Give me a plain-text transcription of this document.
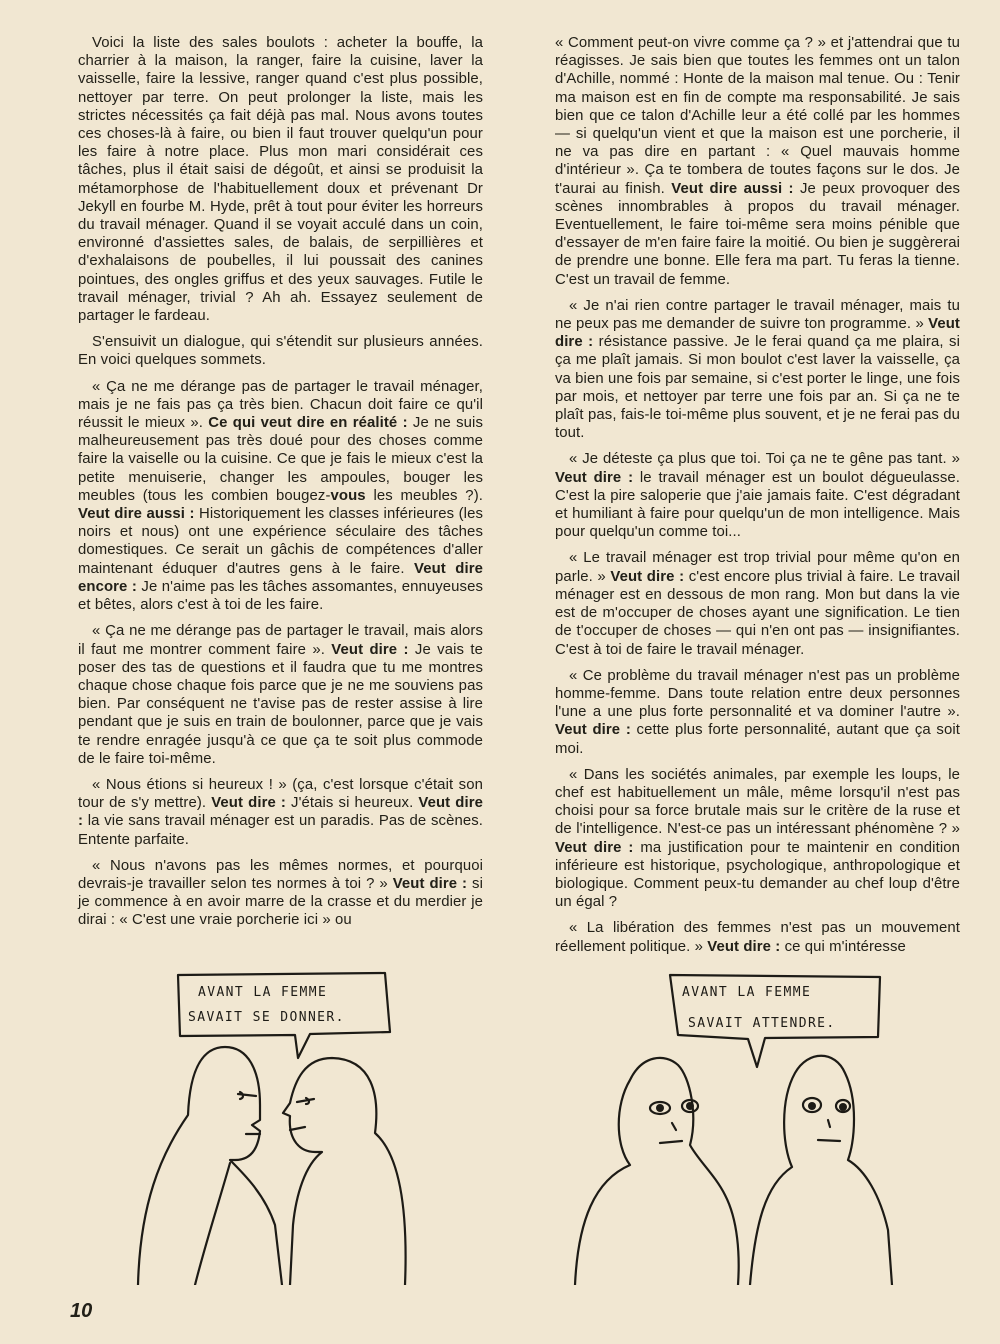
Voici la liste des sales boulots : acheter la bouffe, la charrier à la maison, la ranger, faire la cuisine, laver la vaisselle, faire la lessive, ranger quand c'est plus possible, nettoyer par terre. On peut prolonger la liste, mais les strictes nécessités ça fait déjà pas mal. Nous avons toutes ces choses-là à faire, ou bien il faut trouver quelqu'un pour les faire à notre place. Plus mon mari considérait ces tâches, plus il était saisi de dégoût, et ainsi se produisit la métamorphose de l'habituellement doux et prévenant Dr Jekyll en fourbe M. Hyde, prêt à tout pour éviter les horreurs du travail ménager. Quand il se voyait acculé dans un coin, environné d'assiettes sales, de balais, de serpillières et d'exhalaisons de poubelles, il lui poussait des canines pointues, des ongles griffus et des yeux sauvages. Futile le travail ménager, trivial ? Ah ah. Essayez seulement de partager le fardeau.

S'ensuivit un dialogue, qui s'étendit sur plusieurs années. En voici quelques sommets.

« Ça ne me dérange pas de partager le travail ménager, mais je ne fais pas ça très bien. Chacun doit faire ce qu'il réussit le mieux ». Ce qui veut dire en réalité : Je ne suis malheureusement pas très doué pour des choses comme faire la vaiselle ou la cuisine. Ce que je fais le mieux c'est la petite menuiserie, changer les ampoules, bouger les meubles (tous les combien bougez-vous les meubles ?). Veut dire aussi : Historiquement les classes inférieures (les noirs et nous) ont une expérience séculaire des tâches domestiques. Ce serait un gâchis de compétences d'aller maintenant éduquer d'autres gens à le faire. Veut dire encore : Je n'aime pas les tâches assomantes, ennuyeuses et bêtes, alors c'est à toi de les faire.

« Ça ne me dérange pas de partager le travail, mais alors il faut me montrer comment faire ». Veut dire : Je vais te poser des tas de questions et il faudra que tu me montres chaque chose chaque fois parce que je ne me souviens pas bien. Par conséquent ne t'avise pas de rester assise à lire pendant que je suis en train de boulonner, parce que je vais te rendre enragée jusqu'à ce que ça te soit plus commode de le faire toi-même.

« Nous étions si heureux ! » (ça, c'est lorsque c'était son tour de s'y mettre). Veut dire : J'étais si heureux. Veut dire : la vie sans travail ménager est un paradis. Pas de scènes. Entente parfaite.

« Nous n'avons pas les mêmes normes, et pourquoi devrais-je travailler selon tes normes à toi ? » Veut dire : si je commence à en avoir marre de la crasse et du merdier je dirai : « C'est une vraie porcherie ici » ou

« Comment peut-on vivre comme ça ? » et j'attendrai que tu réagisses. Je sais bien que toutes les femmes ont un talon d'Achille, nommé : Honte de la maison mal tenue. Ou : Tenir ma maison est en fin de compte ma responsabilité. Je sais bien que ce talon d'Achille leur a été collé par les hommes — si quelqu'un vient et que la maison est une porcherie, il ne va pas dire en partant : « Quel mauvais homme d'intérieur ». Ça te tombera de toutes façons sur le dos. Je t'aurai au finish. Veut dire aussi : Je peux provoquer des scènes innombrables à propos du travail ménager. Eventuellement, le faire toi-même sera moins pénible que d'essayer de m'en faire faire la moitié. Ou bien je suggèrerai de prendre une bonne. Elle fera ma part. Tu feras la tienne. C'est un travail de femme.

« Je n'ai rien contre partager le travail ménager, mais tu ne peux pas me demander de suivre ton programme. » Veut dire : résistance passive. Je le ferai quand ça me plaira, si ça me plaît jamais. Si mon boulot c'est laver la vaisselle, ça va bien une fois par semaine, si c'est porter le linge, une fois par mois, et nettoyer par terre une fois par an. Si ça ne te plaît pas, fais-le toi-même plus souvent, et je ne ferai pas du tout.

« Je déteste ça plus que toi. Toi ça ne te gêne pas tant. » Veut dire : le travail ménager est un boulot dégueulasse. C'est la pire saloperie que j'aie jamais faite. C'est dégradant et humiliant à faire pour quelqu'un de mon intelligence. Mais pour quelqu'un comme toi...

« Le travail ménager est trop trivial pour même qu'on en parle. » Veut dire : c'est encore plus trivial à faire. Le travail ménager est en dessous de mon rang. Mon but dans la vie est de m'occuper de choses ayant une signification. Le tien de t'occuper de choses — qui n'en ont pas — insignifiantes. C'est à toi de faire le travail ménager.

« Ce problème du travail ménager n'est pas un problème homme-femme. Dans toute relation entre deux personnes l'une a une plus forte personnalité et va dominer l'autre ». Veut dire : cette plus forte personnalité, autant que ça soit moi.

« Dans les sociétés animales, par exemple les loups, le chef est habituellement un mâle, même lorsqu'il n'est pas choisi pour sa force brutale mais sur le critère de la ruse et de l'intelligence. N'est-ce pas un intéressant phénomène ? » Veut dire : ma justification pour te maintenir en condition inférieure est historique, psychologique, anthropologique et biologique. Comment peux-tu demander au chef loup d'être un égal ?

« La libération des femmes n'est pas un mouvement réellement politique. » Veut dire : ce qui m'intéresse

AVANT LA FEMME
SAVAIT SE DONNER.
AVANT LA FEMME
SAVAIT ATTENDRE.
10
